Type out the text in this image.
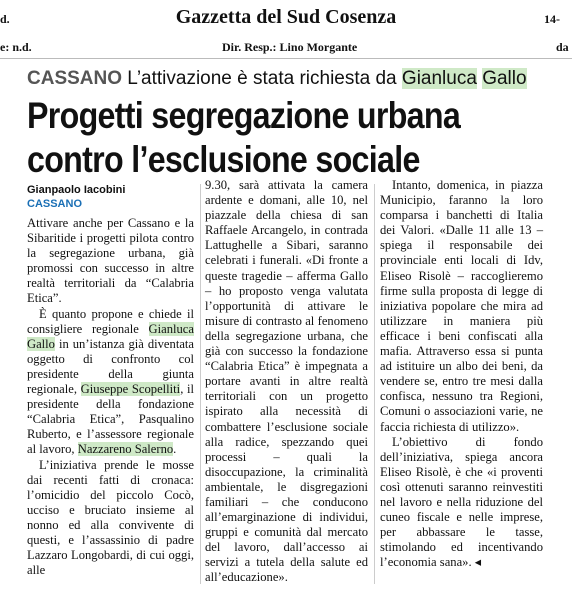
d.	Gazzetta del Sud Cosenza	14-
e: n.d.	Dir. Resp.: Lino Morgante	da
CASSANO L’attivazione è stata richiesta da Gianluca Gallo
Progetti segregazione urbana
contro l’esclusione sociale
Gianpaolo Iacobini
CASSANO

Attivare anche per Cassano e la Sibaritide i progetti pilota contro la segregazione urbana, già promossi con successo in altre realtà territoriali da “Calabria Etica”.

È quanto propone e chiede il consigliere regionale Gianluca Gallo in un’istanza già diventata oggetto di confronto col presidente della giunta regionale, Giuseppe Scopelliti, il presidente della fondazione “Calabria Etica”, Pasqualino Ruberto, e l’assessore regionale al lavoro, Nazzareno Salerno.

L’iniziativa prende le mosse dai recenti fatti di cronaca: l’omicidio del piccolo Cocò, ucciso e bruciato insieme al nonno ed alla convivente di questi, e l’assassinio di padre Lazzaro Longobardi, di cui oggi, alle

9.30, sarà attivata la camera ardente e domani, alle 10, nel piazzale della chiesa di san Raffaele Arcangelo, in contrada Lattughelle a Sibari, saranno celebrati i funerali. «Di fronte a queste tragedie – afferma Gallo – ho proposto venga valutata l’opportunità di attivare le misure di contrasto al fenomeno della segregazione urbana, che già con successo la fondazione “Calabria Etica” è impegnata a portare avanti in altre realtà territoriali con un progetto ispirato alla necessità di combattere l’esclusione sociale alla radice, spezzando quei processi – quali la disoccupazione, la criminalità ambientale, le disgregazioni familiari – che conducono all’emarginazione di individui, gruppi e comunità dal mercato del lavoro, dall’accesso ai servizi a tutela della salute ed all’educazione».

Intanto, domenica, in piazza Municipio, faranno la loro comparsa i banchetti di Italia dei Valori. «Dalle 11 alle 13 – spiega il responsabile dei provinciale enti locali di Idv, Eliseo Risolè – raccoglieremo firme sulla proposta di legge di iniziativa popolare che mira ad utilizzare in maniera più efficace i beni confiscati alla mafia. Attraverso essa si punta ad istituire un albo dei beni, da vendere se, entro tre mesi dalla confisca, nessuno tra Regioni, Comuni o associazioni varie, ne faccia richiesta di utilizzo».

L’obiettivo di fondo dell’iniziativa, spiega ancora Eliseo Risolè, è che «i proventi così ottenuti saranno reinvestiti nel lavoro e nella riduzione del cuneo fiscale e nelle imprese, per abbassare le tasse, stimolando ed incentivando l’economia sana». ◂
